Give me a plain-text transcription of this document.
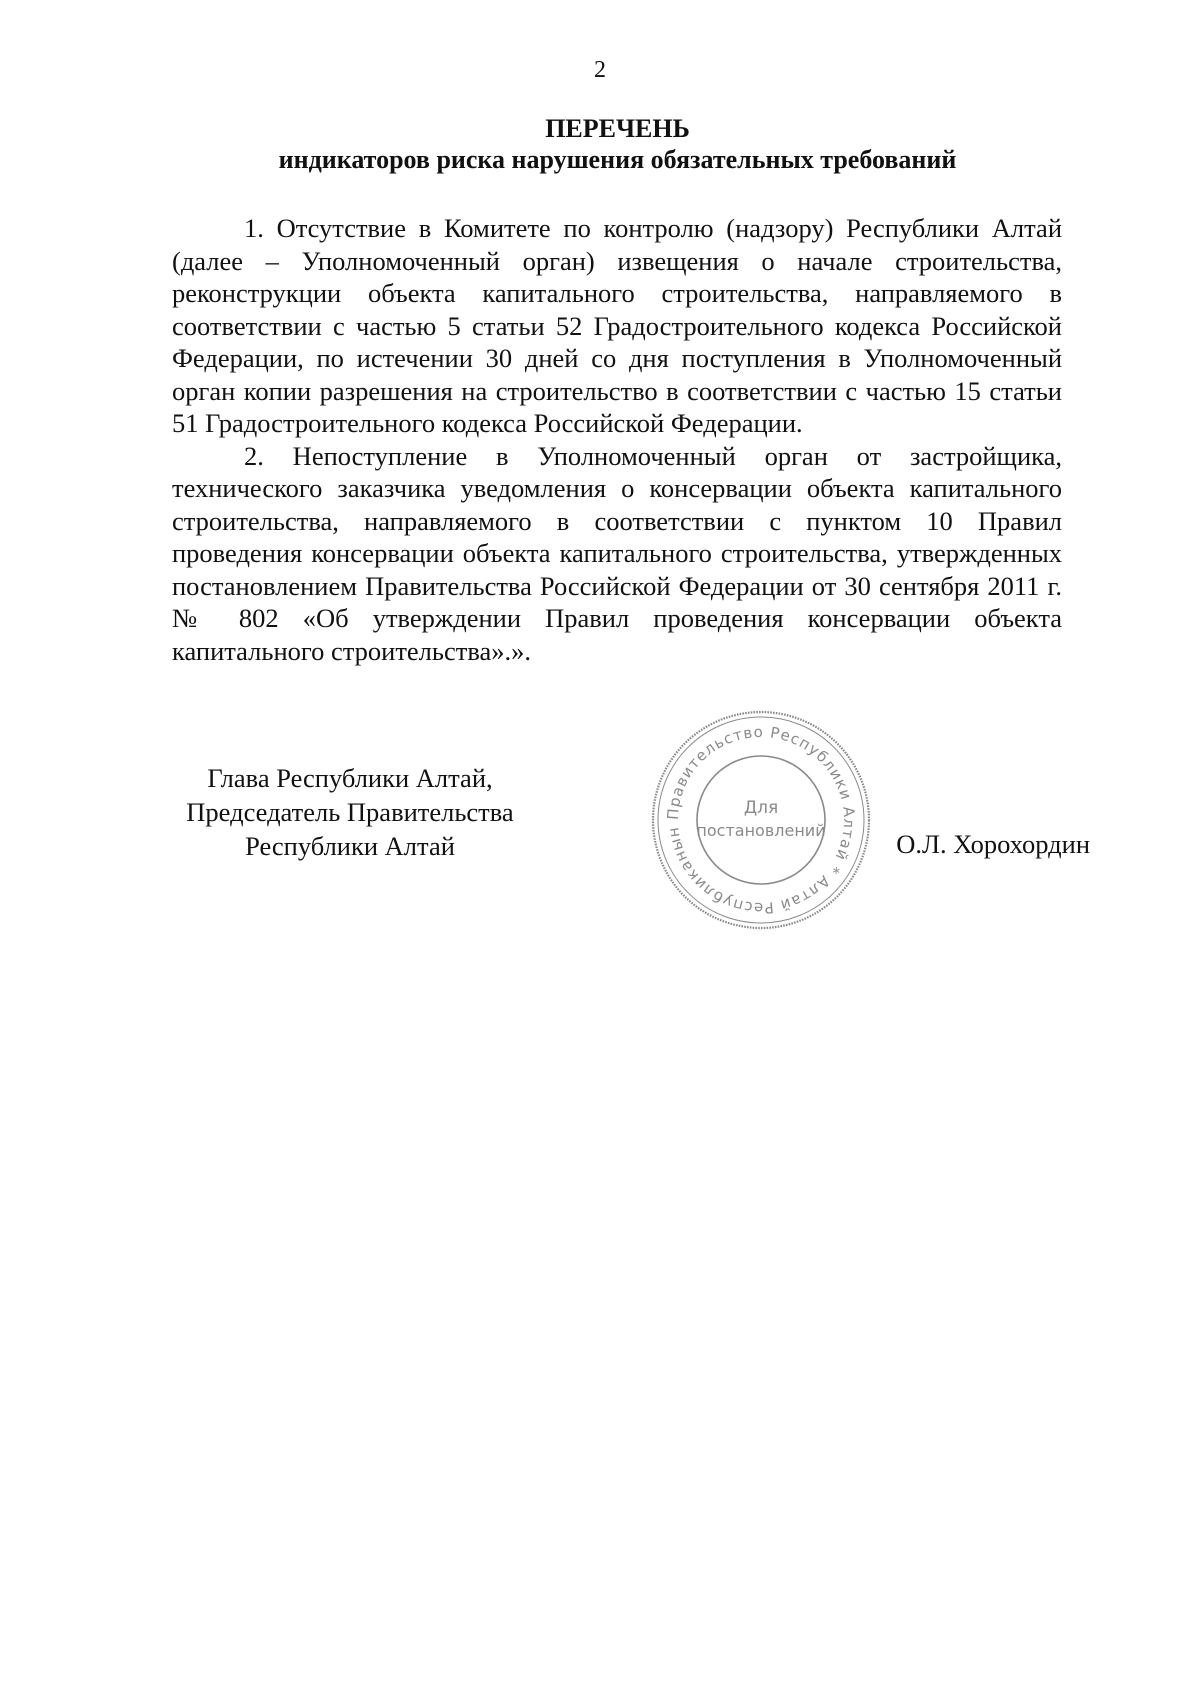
2
ПЕРЕЧЕНЬ
индикаторов риска нарушения обязательных требований

1. Отсутствие в Комитете по контролю (надзору) Республики Алтай (далее – Уполномоченный орган) извещения о начале строительства, реконструкции объекта капитального строительства, направляемого в соответствии с частью 5 статьи 52 Градостроительного кодекса Российской Федерации, по истечении 30 дней со дня поступления в Уполномоченный орган копии разрешения на строительство в соответствии с частью 15 статьи 51 Градостроительного кодекса Российской Федерации.

2. Непоступление в Уполномоченный орган от застройщика, технического заказчика уведомления о консервации объекта капитального строительства, направляемого в соответствии с пунктом 10 Правил проведения консервации объекта капитального строительства, утвержденных постановлением Правительства Российской Федерации от 30 сентября 2011 г. № 802 «Об утверждении Правил проведения консервации объекта капитального строительства».».

Глава Республики Алтай,
Председатель Правительства
Республики Алтай
Правительство Республики Алтай * Алтай Республиканын
Для
постановлений	О.Л. Хорохордин
